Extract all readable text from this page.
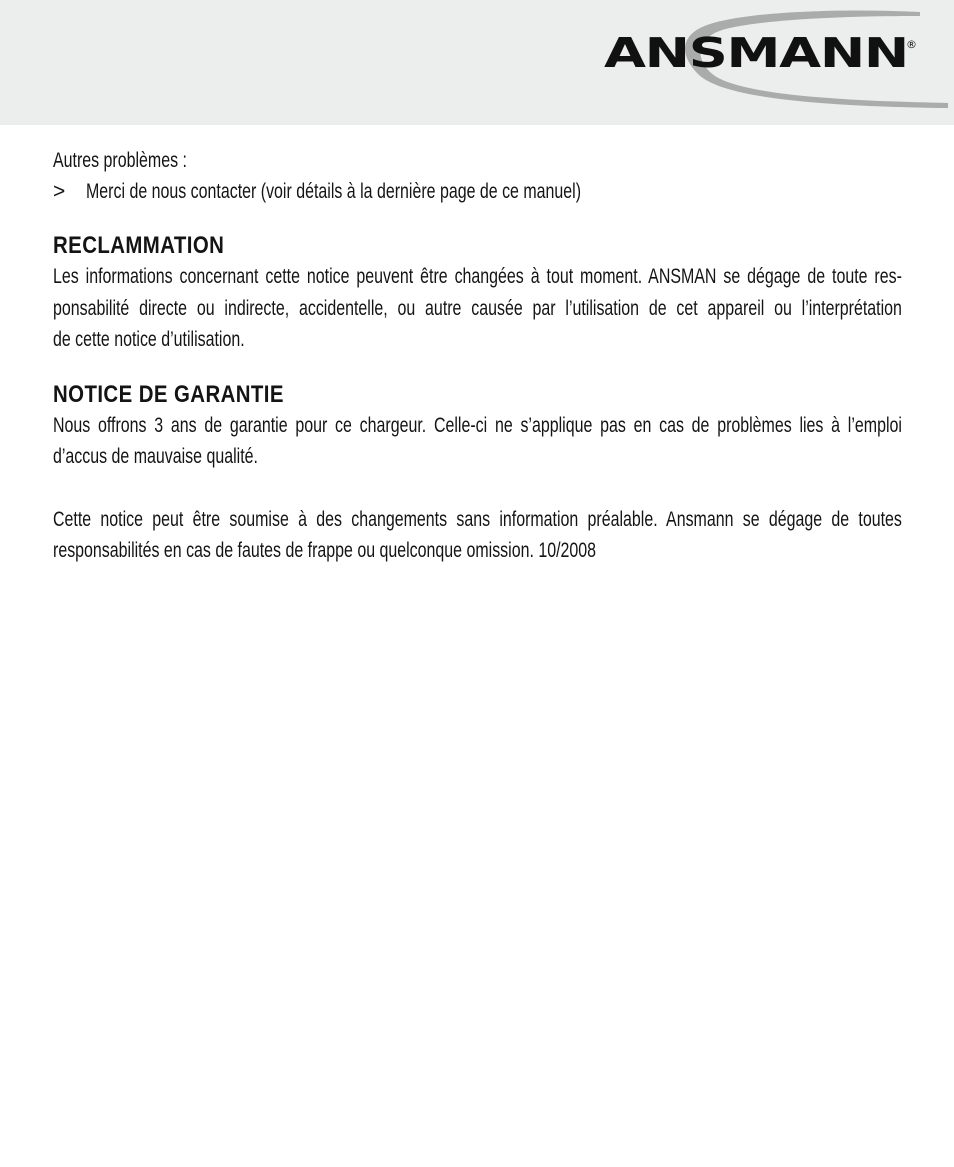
ANSMANN
®
Autres problèmes :
> Merci de nous contacter (voir détails à la dernière page de ce manuel)
RECLAMMATION
Les informations concernant cette notice peuvent être changées à tout moment. ANSMAN se dégage de toute res-
ponsabilité directe ou indirecte, accidentelle, ou autre causée par l’utilisation de cet appareil ou l’interprétation
de cette notice d’utilisation.
NOTICE DE GARANTIE
Nous offrons 3 ans de garantie pour ce chargeur. Celle-ci ne s’applique pas en cas de problèmes lies à l’emploi
d’accus de mauvaise qualité.
Cette notice peut être soumise à des changements sans information préalable. Ansmann se dégage de toutes
responsabilités en cas de fautes de frappe ou quelconque omission. 10/2008
